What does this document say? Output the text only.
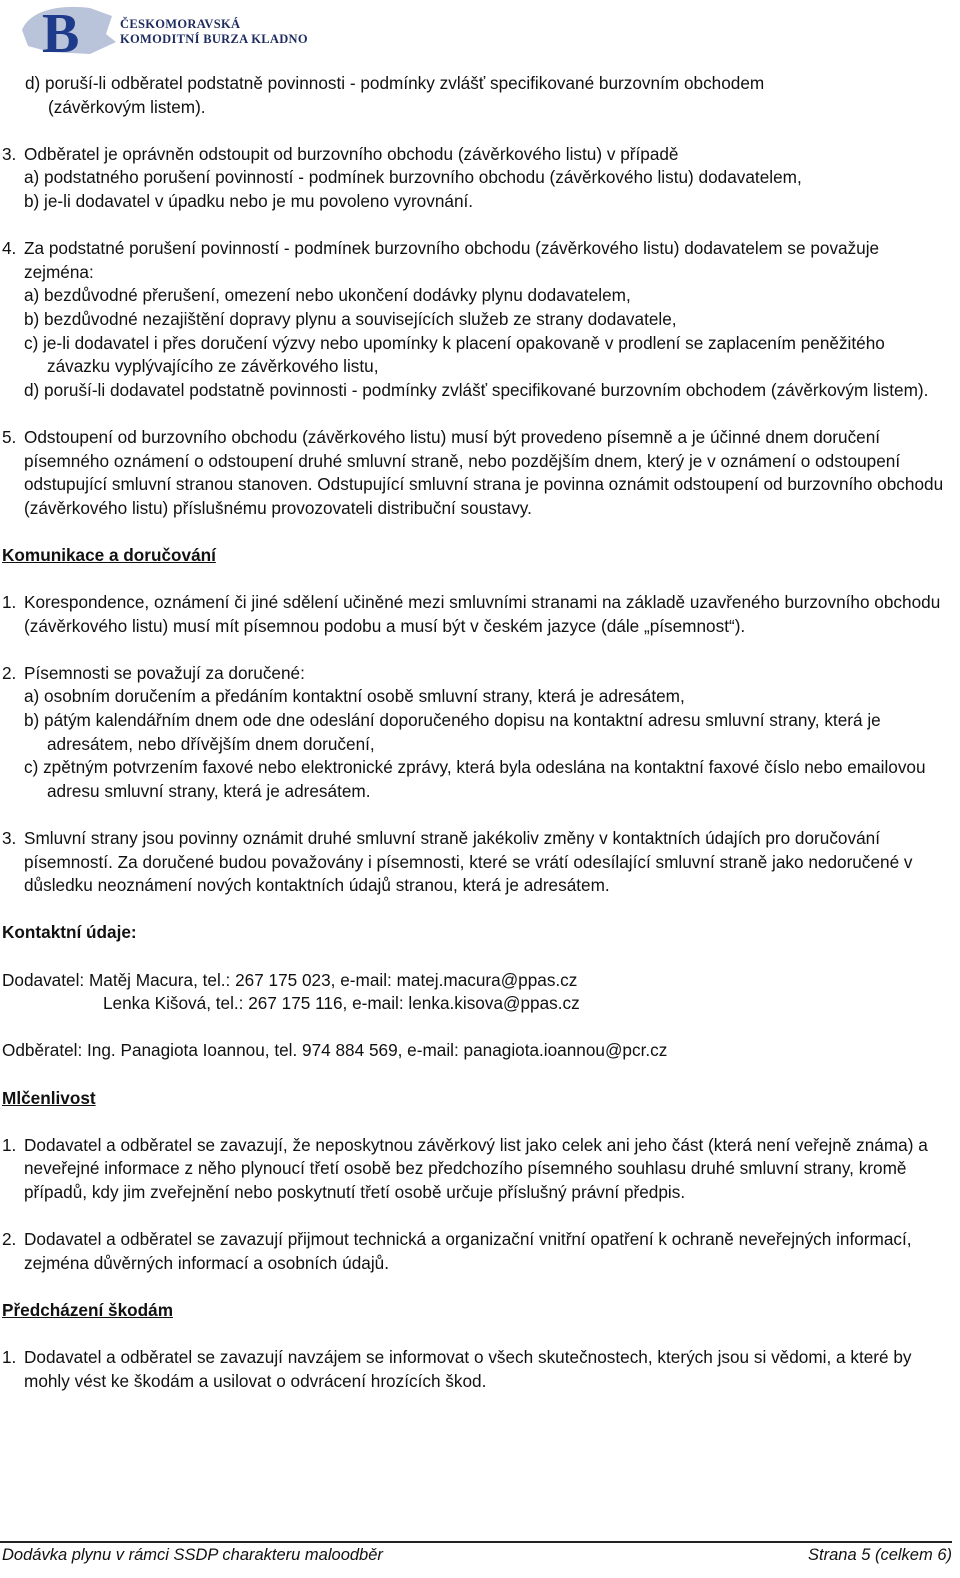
B	ČESKOMORAVSKÁ
KOMODITNÍ BURZA KLADNO
d) poruší-li odběratel podstatně povinnosti - podmínky zvlášť specifikované burzovním obchodem
(závěrkovým listem).
3. Odběratel je oprávněn odstoupit od burzovního obchodu (závěrkového listu) v případě
a) podstatného porušení povinností - podmínek burzovního obchodu (závěrkového listu) dodavatelem,
b) je-li dodavatel v úpadku nebo je mu povoleno vyrovnání.
4. Za podstatné porušení povinností - podmínek burzovního obchodu (závěrkového listu) dodavatelem se považuje zejména:
a) bezdůvodné přerušení, omezení nebo ukončení dodávky plynu dodavatelem,
b) bezdůvodné nezajištění dopravy plynu a souvisejících služeb ze strany dodavatele,
c) je-li dodavatel i přes doručení výzvy nebo upomínky k placení opakovaně v prodlení se zaplacením peněžitého závazku vyplývajícího ze závěrkového listu,
d) poruší-li dodavatel podstatně povinnosti - podmínky zvlášť specifikované burzovním obchodem (závěrkovým listem).
5. Odstoupení od burzovního obchodu (závěrkového listu) musí být provedeno písemně a je účinné dnem doručení písemného oznámení o odstoupení druhé smluvní straně, nebo pozdějším dnem, který je v oznámení o odstoupení odstupující smluvní stranou stanoven. Odstupující smluvní strana je povinna oznámit odstoupení od burzovního obchodu (závěrkového listu) příslušnému provozovateli distribuční soustavy.
Komunikace a doručování
1. Korespondence, oznámení či jiné sdělení učiněné mezi smluvními stranami na základě uzavřeného burzovního obchodu (závěrkového listu) musí mít písemnou podobu a musí být v českém jazyce (dále „písemnost“).
2. Písemnosti se považují za doručené:
a) osobním doručením a předáním kontaktní osobě smluvní strany, která je adresátem,
b) pátým kalendářním dnem ode dne odeslání doporučeného dopisu na kontaktní adresu smluvní strany, která je adresátem, nebo dřívějším dnem doručení,
c) zpětným potvrzením faxové nebo elektronické zprávy, která byla odeslána na kontaktní faxové číslo nebo emailovou adresu smluvní strany, která je adresátem.
3. Smluvní strany jsou povinny oznámit druhé smluvní straně jakékoliv změny v kontaktních údajích pro doručování písemností. Za doručené budou považovány i písemnosti, které se vrátí odesílající smluvní straně jako nedoručené v důsledku neoznámení nových kontaktních údajů stranou, která je adresátem.
Kontaktní údaje:
Dodavatel: Matěj Macura, tel.: 267 175 023, e-mail: matej.macura@ppas.cz
Lenka Kišová, tel.: 267 175 116, e-mail: lenka.kisova@ppas.cz
Odběratel: Ing. Panagiota Ioannou, tel. 974 884 569, e-mail: panagiota.ioannou@pcr.cz
Mlčenlivost
1. Dodavatel a odběratel se zavazují, že neposkytnou závěrkový list jako celek ani jeho část (která není veřejně známa) a neveřejné informace z něho plynoucí třetí osobě bez předchozího písemného souhlasu druhé smluvní strany, kromě případů, kdy jim zveřejnění nebo poskytnutí třetí osobě určuje příslušný právní předpis.
2. Dodavatel a odběratel se zavazují přijmout technická a organizační vnitřní opatření k ochraně neveřejných informací, zejména důvěrných informací a osobních údajů.
Předcházení škodám
1. Dodavatel a odběratel se zavazují navzájem se informovat o všech skutečnostech, kterých jsou si vědomi, a které by mohly vést ke škodám a usilovat o odvrácení hrozících škod.
Dodávka plynu v rámci SSDP charakteru maloodběr	Strana 5 (celkem 6)
